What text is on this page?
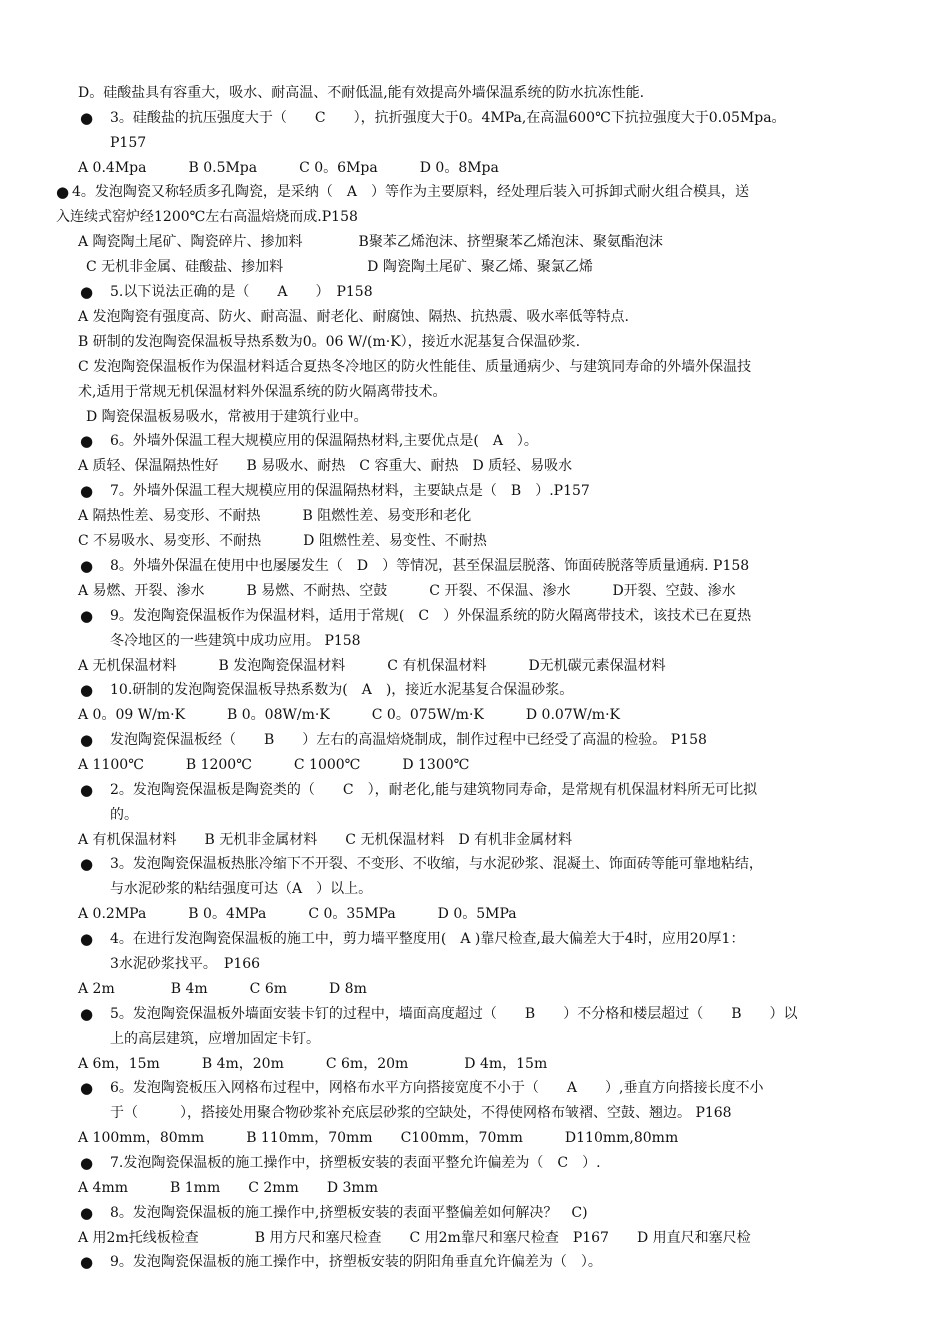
D。硅酸盐具有容重大，吸水、耐高温、不耐低温,能有效提高外墙保温系统的防水抗冻性能.
● 3。硅酸盐的抗压强度大于（　　C　　），抗折强度大于0。4MPa,在高温600℃下抗拉强度大于0.05Mpa。
P157
A 0.4Mpa　　　B 0.5Mpa　　　C 0。6Mpa　　　D 0。8Mpa
● 4。发泡陶瓷又称轻质多孔陶瓷，是采纳（　A　）等作为主要原料，经处理后装入可拆卸式耐火组合模具，送
入连续式窑炉经1200℃左右高温焙烧而成.P158
A 陶瓷陶土尾矿、陶瓷碎片、掺加料　　　　B聚苯乙烯泡沫、挤塑聚苯乙烯泡沫、聚氨酯泡沫
C 无机非金属、硅酸盐、掺加料　　　　　　D 陶瓷陶土尾矿、聚乙烯、聚氯乙烯
● 5.以下说法正确的是（　　A　　）　P158
A 发泡陶瓷有强度高、防火、耐高温、耐老化、耐腐蚀、隔热、抗热震、吸水率低等特点.
B 研制的发泡陶瓷保温板导热系数为0。06 W/(m·K），接近水泥基复合保温砂浆.
C 发泡陶瓷保温板作为保温材料适合夏热冬冷地区的防火性能佳、质量通病少、与建筑同寿命的外墙外保温技
术,适用于常规无机保温材料外保温系统的防火隔离带技术。
D 陶瓷保温板易吸水，常被用于建筑行业中。
● 6。外墙外保温工程大规模应用的保温隔热材料,主要优点是(　A　）。
A 质轻、保温隔热性好　　B 易吸水、耐热　C 容重大、耐热　D 质轻、易吸水
● 7。外墙外保温工程大规模应用的保温隔热材料，主要缺点是（　B　）.P157
A 隔热性差、易变形、不耐热　　　B 阻燃性差、易变形和老化
C 不易吸水、易变形、不耐热　　　D 阻燃性差、易变性、不耐热
● 8。外墙外保温在使用中也屡屡发生（　D　）等情况，甚至保温层脱落、饰面砖脱落等质量通病. P158
A 易燃、开裂、渗水　　　B 易燃、不耐热、空鼓　　　C 开裂、不保温、渗水　　　D开裂、空鼓、渗水
● 9。发泡陶瓷保温板作为保温材料，适用于常规(　C　）外保温系统的防火隔离带技术，该技术已在夏热
冬冷地区的一些建筑中成功应用。 P158
A 无机保温材料　　　B 发泡陶瓷保温材料　　　C 有机保温材料　　　D无机碳元素保温材料
● 10.研制的发泡陶瓷保温板导热系数为(　A　)，接近水泥基复合保温砂浆。
A 0。09 W/m·K　　　B 0。08W/m·K　　　C 0。075W/m·K　　　D 0.07W/m·K
● 发泡陶瓷保温板经（　　B　　）左右的高温焙烧制成，制作过程中已经受了高温的检验。 P158
A 1100℃　　　B 1200℃　　　C 1000℃　　　D 1300℃
● 2。发泡陶瓷保温板是陶瓷类的（　　C　），耐老化,能与建筑物同寿命，是常规有机保温材料所无可比拟
的。
A 有机保温材料　　B 无机非金属材料　　C 无机保温材料　D 有机非金属材料
● 3。发泡陶瓷保温板热胀冷缩下不开裂、不变形、不收缩，与水泥砂浆、混凝土、饰面砖等能可靠地粘结，
与水泥砂浆的粘结强度可达（A　）以上。
A 0.2MPa　　　B 0。4MPa　　　C 0。35MPa　　　D 0。5MPa
● 4。在进行发泡陶瓷保温板的施工中，剪力墙平整度用(　A )靠尺检查,最大偏差大于4时，应用20厚1：
3水泥砂浆找平。　P166
A 2m　　　　B 4m　　　C 6m　　　D 8m
● 5。发泡陶瓷保温板外墙面安装卡钉的过程中，墙面高度超过（　　B　　）不分格和楼层超过（　　B　　）以
上的高层建筑，应增加固定卡钉。
A 6m，15m　　　B 4m，20m　　　C 6m，20m　　　　D 4m，15m
● 6。发泡陶瓷板压入网格布过程中，网格布水平方向搭接宽度不小于（　　A　　）,垂直方向搭接长度不小
于（　　　），搭接处用聚合物砂浆补充底层砂浆的空缺处，不得使网格布皱褶、空鼓、翘边。 P168
A 100mm，80mm　　　B 110mm，70mm　　C100mm，70mm　　　D110mm,80mm
● 7.发泡陶瓷保温板的施工操作中，挤塑板安装的表面平整允许偏差为（　C　）.
A 4mm　　　B 1mm　　C 2mm　　D 3mm
● 8。发泡陶瓷保温板的施工操作中,挤塑板安装的表面平整偏差如何解决？　C)
A 用2m托线板检查　　　　B 用方尺和塞尺检查　　C 用2m靠尺和塞尺检查　P167　　D 用直尺和塞尺检
● 9。发泡陶瓷保温板的施工操作中，挤塑板安装的阴阳角垂直允许偏差为（　）。
